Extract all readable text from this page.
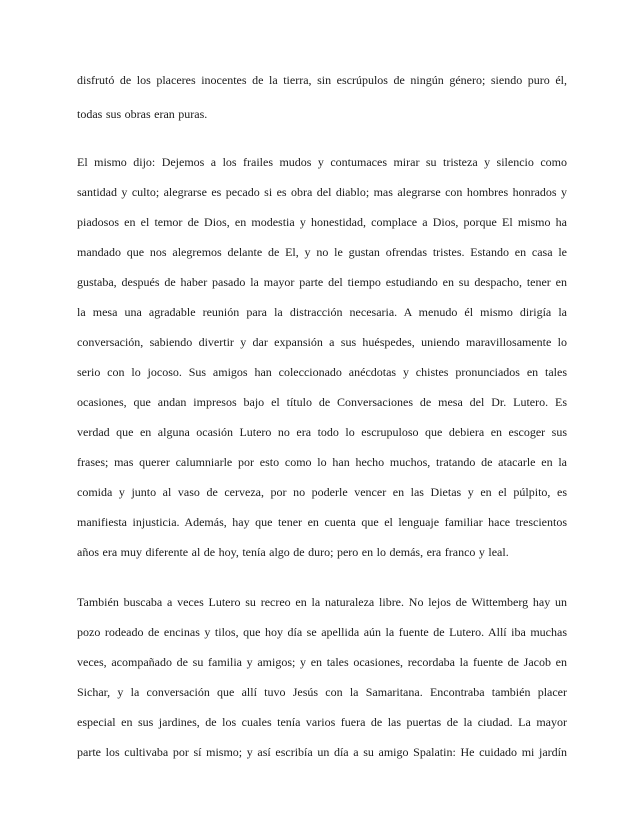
disfrutó de los placeres inocentes de la tierra, sin escrúpulos de ningún género; siendo puro él,

todas sus obras eran puras.

El mismo dijo: Dejemos a los frailes mudos y contumaces mirar su tristeza y silencio como

santidad y culto; alegrarse es pecado si es obra del diablo; mas alegrarse con hombres honrados y

piadosos en el temor de Dios, en modestia y honestidad, complace a Dios, porque El mismo ha

mandado que nos alegremos delante de El, y no le gustan ofrendas tristes. Estando en casa le

gustaba, después de haber pasado la mayor parte del tiempo estudiando en su despacho, tener en

la mesa una agradable reunión para la distracción necesaria. A menudo él mismo dirigía la

conversación, sabiendo divertir y dar expansión a sus huéspedes, uniendo maravillosamente lo

serio con lo jocoso. Sus amigos han coleccionado anécdotas y chistes pronunciados en tales

ocasiones, que andan impresos bajo el título de Conversaciones de mesa del Dr. Lutero. Es

verdad que en alguna ocasión Lutero no era todo lo escrupuloso que debiera en escoger sus

frases; mas querer calumniarle por esto como lo han hecho muchos, tratando de atacarle en la

comida y junto al vaso de cerveza, por no poderle vencer en las Dietas y en el púlpito, es

manifiesta injusticia. Además, hay que tener en cuenta que el lenguaje familiar hace trescientos

años era muy diferente al de hoy, tenía algo de duro; pero en lo demás, era franco y leal.

También buscaba a veces Lutero su recreo en la naturaleza libre. No lejos de Wittemberg hay un

pozo rodeado de encinas y tilos, que hoy día se apellida aún la fuente de Lutero. Allí iba muchas

veces, acompañado de su familia y amigos; y en tales ocasiones, recordaba la fuente de Jacob en

Sichar, y la conversación que allí tuvo Jesús con la Samaritana. Encontraba también placer

especial en sus jardines, de los cuales tenía varios fuera de las puertas de la ciudad. La mayor

parte los cultivaba por sí mismo; y así escribía un día a su amigo Spalatin: He cuidado mi jardín
